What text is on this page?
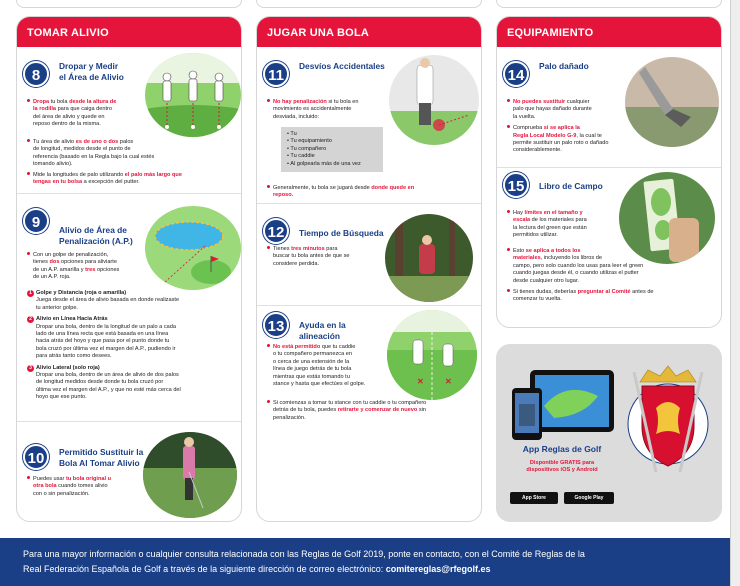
TOMAR ALIVIO
8
Dropar y Medir
el Área de Alivio
Dropa tu bola desde la altura de
la rodilla para que caiga dentro
del área de alivio y quede en
reposo dentro de la misma.
Tu área de alivio es de uno o dos palos
de longitud, medidos desde el punto de
referencia (basado en la Regla bajo la cual estés
tomando alivio).
Mide la longitudes de palo utilizando el palo más largo que
tengas en tu bolsa a excepción del putter.
9	Alivio de Área de
Penalización (A.P.)
Con un golpe de penalización,
tienes dos opciones para aliviarte
de un A.P. amarilla y tres opciones
de un A.P. roja.
1 Golpe y Distancia (roja o amarilla)
Juega desde el área de alivio basada en donde realizaste
tu anterior golpe.
2 Alivio en Línea Hacia Atrás
Dropar una bola, dentro de la longitud de un palo a cada
lado de una línea recta que está basada en una línea
hacia atrás del hoyo y que pasa por el punto donde tu
bola cruzó por última vez el margen del A.P., pudiendo ir
para atrás tanto como desees.
3 Alivio Lateral (solo roja)
Dropar una bola, dentro de un área de alivio de dos palos
de longitud medidos desde donde tu bola cruzó por
última vez el margen del A.P., y que no esté más cerca del
hoyo que ese punto.
10	Permitido Sustituir la
Bola Al Tomar Alivio
Puedes usar tu bola original u
otra bola cuando tomes alivio
con o sin penalización.
JUGAR UNA BOLA
11
Desvíos Accidentales
No hay penalización si tu bola en
movimiento es accidentalmente
desviada, incluido:
• Tu
• Tu equipamiento
• Tu compañero
• Tu caddie
• Al golpearla más de una vez
Generalmente, tu bola se jugará desde donde quede en
reposo.
12	Tiempo de Búsqueda
Tienes tres minutos para
buscar tu bola antes de que se
considere perdida.
13	Ayuda en la
alineación
✕	✕
No está permitido que tu caddie
o tu compañero permanezca en
o cerca de una extensión de la
línea de juego detrás de tu bola
mientras que estás tomando tu
stance y hasta que efectúes el golpe.
Si comienzas a tomar tu stance con tu caddie o tu compañero
detrás de tu bola, puedes retirarte y comenzar de nuevo sin
penalización.
EQUIPAMIENTO
14
Palo dañado
No puedes sustituir cualquier
palo que hayas dañado durante
la vuelta.
Comprueba si se aplica la
Regla Local Modelo G-9, la cual te
permite sustituir un palo roto o dañado
considerablemente.
15	Libro de Campo
Hay límites en el tamaño y
escala de los materiales para
la lectura del green que están
permitidos utilizar.
Esto se aplica a todos los
materiales, incluyendo los libros de
campo, pero solo cuando los usas para leer el green
cuando juegas desde él, o cuando utilizas el putter
desde cualquier otro lugar.
Si tienes dudas, deberías preguntar al Comité antes de
comenzar tu vuelta.
App Reglas de Golf
Disponible GRATIS para
dispositivos iOS y Android
App Store	Google Play
Para una mayor información o cualquier consulta relacionada con las Reglas de Golf 2019, ponte en contacto, con el Comité de Reglas de la
Real Federación Española de Golf a través de la siguiente dirección de correo electrónico: comitereglas@rfegolf.es
